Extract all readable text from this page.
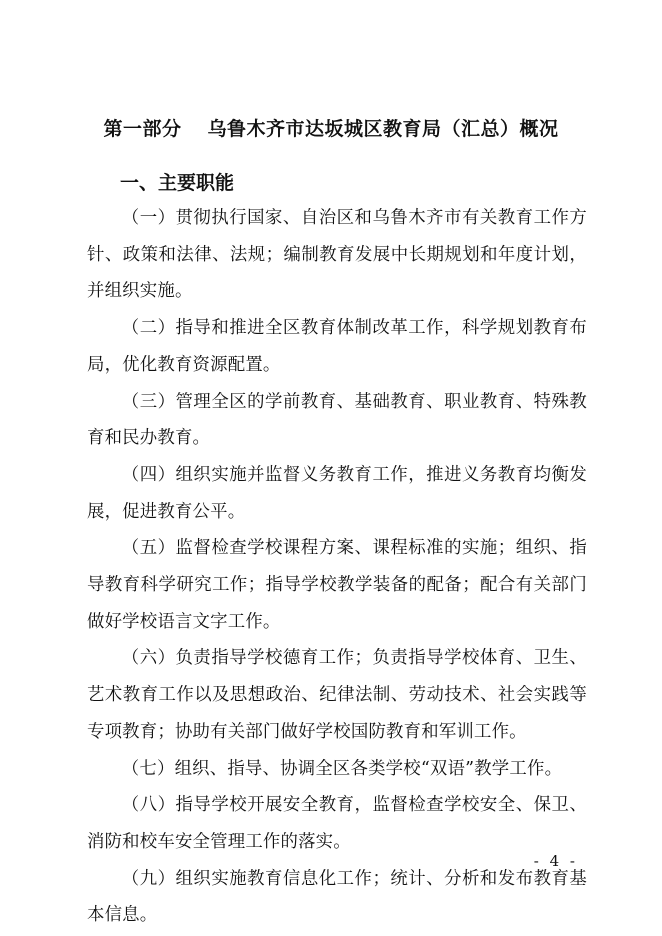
第一部分 乌鲁木齐市达坂城区教育局（汇总）概况
一、主要职能

（一）贯彻执行国家、自治区和乌鲁木齐市有关教育工作方针、政策和法律、法规；编制教育发展中长期规划和年度计划，并组织实施。

（二）指导和推进全区教育体制改革工作，科学规划教育布局，优化教育资源配置。

（三）管理全区的学前教育、基础教育、职业教育、特殊教育和民办教育。

（四）组织实施并监督义务教育工作，推进义务教育均衡发展，促进教育公平。

（五）监督检查学校课程方案、课程标准的实施；组织、指导教育科学研究工作；指导学校教学装备的配备；配合有关部门做好学校语言文字工作。

（六）负责指导学校德育工作；负责指导学校体育、卫生、艺术教育工作以及思想政治、纪律法制、劳动技术、社会实践等专项教育；协助有关部门做好学校国防教育和军训工作。

（七）组织、指导、协调全区各类学校“双语”教学工作。

（八）指导学校开展安全教育，监督检查学校安全、保卫、消防和校车安全管理工作的落实。

（九）组织实施教育信息化工作；统计、分析和发布教育基本信息。

- 4 -
